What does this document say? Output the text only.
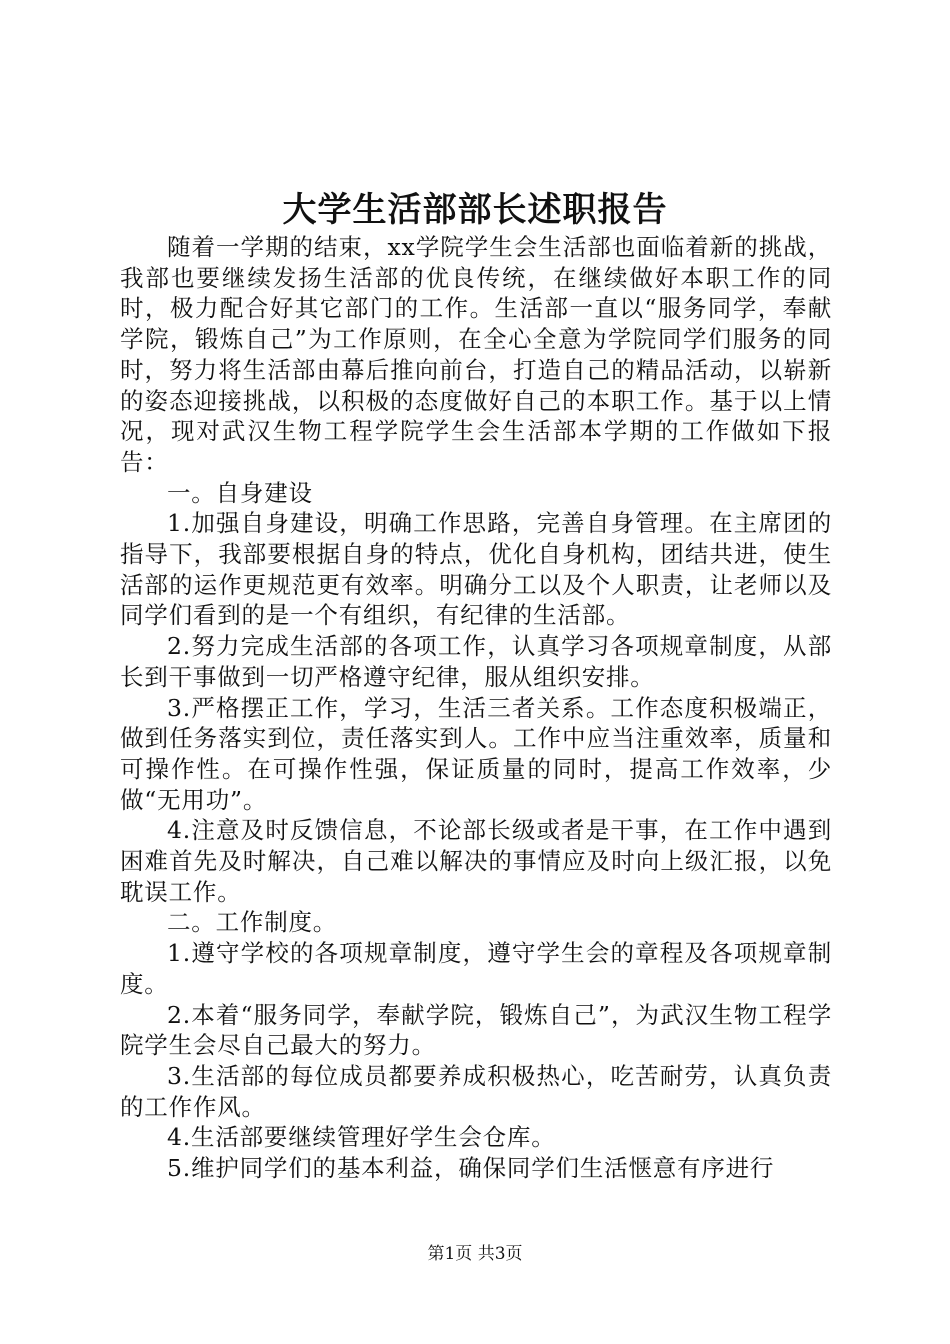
大学生活部部长述职报告

随着一学期的结束，xx学院学生会生活部也面临着新的挑战，我部也要继续发扬生活部的优良传统，在继续做好本职工作的同时，极力配合好其它部门的工作。生活部一直以“服务同学，奉献学院，锻炼自己”为工作原则，在全心全意为学院同学们服务的同时，努力将生活部由幕后推向前台，打造自己的精品活动，以崭新的姿态迎接挑战，以积极的态度做好自己的本职工作。基于以上情况，现对武汉生物工程学院学生会生活部本学期的工作做如下报告：

一。自身建设

1.加强自身建设，明确工作思路，完善自身管理。在主席团的指导下，我部要根据自身的特点，优化自身机构，团结共进，使生活部的运作更规范更有效率。明确分工以及个人职责，让老师以及同学们看到的是一个有组织，有纪律的生活部。

2.努力完成生活部的各项工作，认真学习各项规章制度，从部长到干事做到一切严格遵守纪律，服从组织安排。

3.严格摆正工作，学习，生活三者关系。工作态度积极端正，做到任务落实到位，责任落实到人。工作中应当注重效率，质量和可操作性。在可操作性强，保证质量的同时，提高工作效率，少做“无用功”。

4.注意及时反馈信息，不论部长级或者是干事，在工作中遇到困难首先及时解决，自己难以解决的事情应及时向上级汇报，以免耽误工作。

二。工作制度。

1.遵守学校的各项规章制度，遵守学生会的章程及各项规章制度。

2.本着“服务同学，奉献学院，锻炼自己”，为武汉生物工程学院学生会尽自己最大的努力。

3.生活部的每位成员都要养成积极热心，吃苦耐劳，认真负责的工作作风。

4.生活部要继续管理好学生会仓库。

5.维护同学们的基本利益，确保同学们生活惬意有序进行

第1页 共3页
